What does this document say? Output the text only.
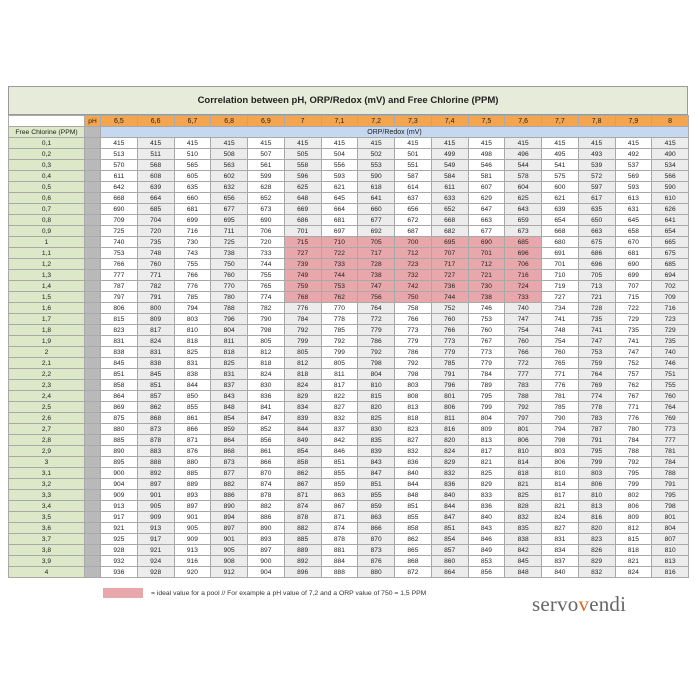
Correlation between pH, ORP/Redox (mV) and Free Chlorine (PPM)
	pH	6,5	6,6	6,7	6,8	6,9	7	7,1	7,2	7,3	7,4	7,5	7,6	7,7	7,8	7,9	8
Free Chlorine (PPM)		ORP/Redox (mV)															
0,1		415	415	415	415	415	415	415	415	415	415	415	415	415	415	415	415
0,2		513	511	510	508	507	505	504	502	501	499	498	496	495	493	492	490
0,3		570	568	565	563	561	558	556	553	551	549	546	544	541	539	537	534
0,4		611	608	605	602	599	596	593	590	587	584	581	578	575	572	569	566
0,5		642	639	635	632	628	625	621	618	614	611	607	604	600	597	593	590
0,6		668	664	660	656	652	648	645	641	637	633	629	625	621	617	613	610
0,7		690	685	681	677	673	669	664	660	656	652	647	643	639	635	631	626
0,8		709	704	699	695	690	686	681	677	672	668	663	659	654	650	645	641
0,9		725	720	716	711	706	701	697	692	687	682	677	673	668	663	658	654
1		740	735	730	725	720	715	710	705	700	695	690	685	680	675	670	665
1,1		753	748	743	738	733	727	722	717	712	707	701	696	691	686	681	675
1,2		766	760	755	750	744	739	733	728	723	717	712	706	701	696	690	685
1,3		777	771	766	760	755	749	744	738	732	727	721	716	710	705	699	694
1,4		787	782	776	770	765	759	753	747	742	736	730	724	719	713	707	702
1,5		797	791	785	780	774	768	762	756	750	744	738	733	727	721	715	709
1,6		806	800	794	788	782	776	770	764	758	752	746	740	734	728	722	716
1,7		815	809	803	796	790	784	778	772	766	760	753	747	741	735	729	723
1,8		823	817	810	804	798	792	785	779	773	766	760	754	748	741	735	729
1,9		831	824	818	811	805	799	792	786	779	773	767	760	754	747	741	735
2		838	831	825	818	812	805	799	792	786	779	773	766	760	753	747	740
2,1		845	838	831	825	818	812	805	798	792	785	779	772	765	759	752	746
2,2		851	845	838	831	824	818	811	804	798	791	784	777	771	764	757	751
2,3		858	851	844	837	830	824	817	810	803	796	789	783	776	769	762	755
2,4		864	857	850	843	836	829	822	815	808	801	795	788	781	774	767	760
2,5		869	862	855	848	841	834	827	820	813	806	799	792	785	778	771	764
2,6		875	868	861	854	847	839	832	825	818	811	804	797	790	783	776	769
2,7		880	873	866	859	852	844	837	830	823	816	809	801	794	787	780	773
2,8		885	878	871	864	856	849	842	835	827	820	813	806	798	791	784	777
2,9		890	883	876	868	861	854	846	839	832	824	817	810	803	795	788	781
3		895	888	880	873	866	858	851	843	836	829	821	814	806	799	792	784
3,1		900	892	885	877	870	862	855	847	840	832	825	818	810	803	795	788
3,2		904	897	889	882	874	867	859	851	844	836	829	821	814	806	799	791
3,3		909	901	893	886	878	871	863	855	848	840	833	825	817	810	802	795
3,4		913	905	897	890	882	874	867	859	851	844	836	828	821	813	806	798
3,5		917	909	901	894	886	878	871	863	855	847	840	832	824	816	809	801
3,6		921	913	905	897	890	882	874	866	858	851	843	835	827	820	812	804
3,7		925	917	909	901	893	885	878	870	862	854	846	838	831	823	815	807
3,8		928	921	913	905	897	889	881	873	865	857	849	842	834	826	818	810
3,9		932	924	916	908	900	892	884	876	868	860	853	845	837	829	821	813
4		936	928	920	912	904	896	888	880	872	864	856	848	840	832	824	816
= ideal value for a pool // For example a pH value of 7,2 and a ORP value of 750 = 1,5 PPM	servovendi
